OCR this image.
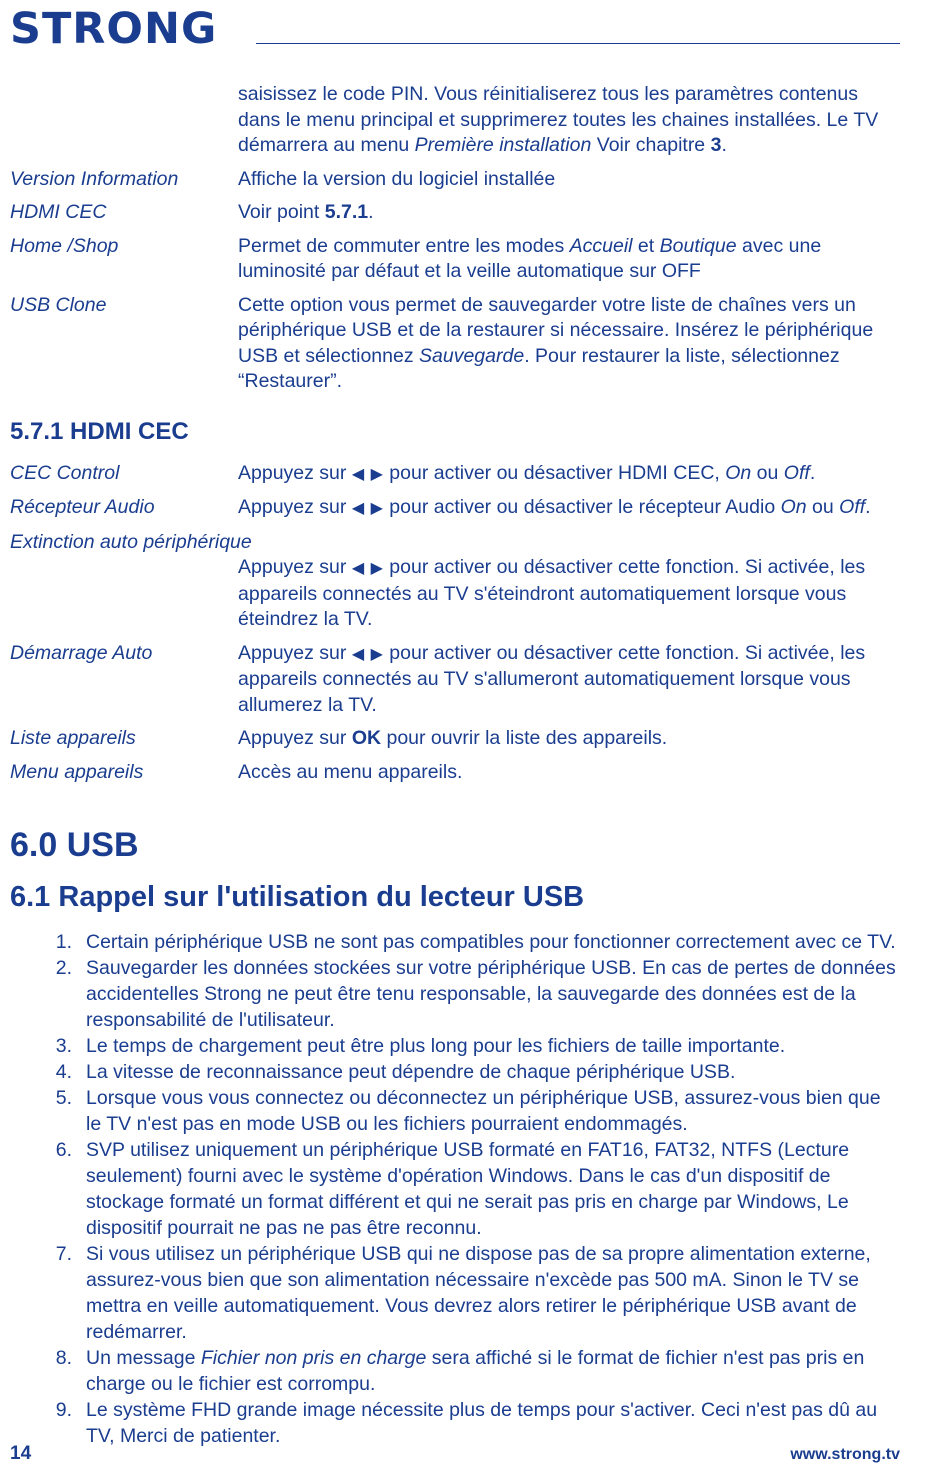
STRONG
saisissez le code PIN. Vous réinitialiserez tous les paramètres contenus dans le menu principal et supprimerez toutes les chaines installées. Le TV démarrera au menu Première installation Voir chapitre 3.
Version Information	Affiche la version du logiciel installée
HDMI CEC	Voir point 5.7.1.
Home /Shop	Permet de commuter entre les modes Accueil et Boutique avec une luminosité par défaut et la veille automatique sur OFF
USB Clone	Cette option vous permet de sauvegarder votre liste de chaînes vers un périphérique USB et de la restaurer si nécessaire. Insérez le périphérique USB et sélectionnez Sauvegarde. Pour restaurer la liste, sélectionnez “Restaurer”.
5.7.1 HDMI CEC
CEC Control	Appuyez sur ◀ ▶ pour activer ou désactiver HDMI CEC, On ou Off.
Récepteur Audio	Appuyez sur ◀ ▶ pour activer ou désactiver le récepteur Audio On ou Off.
Extinction auto périphérique
Appuyez sur ◀ ▶ pour activer ou désactiver cette fonction. Si activée, les appareils connectés au TV s'éteindront automatiquement lorsque vous éteindrez la TV.
Démarrage Auto	Appuyez sur ◀ ▶ pour activer ou désactiver cette fonction. Si activée, les appareils connectés au TV s'allumeront automatiquement lorsque vous allumerez la TV.
Liste appareils	Appuyez sur OK pour ouvrir la liste des appareils.
Menu appareils	Accès au menu appareils.
6.0 USB
6.1 Rappel sur l'utilisation du lecteur USB
1. Certain périphérique USB ne sont pas compatibles pour fonctionner correctement avec ce TV.
2. Sauvegarder les données stockées sur votre périphérique USB. En cas de pertes de données accidentelles Strong ne peut être tenu responsable, la sauvegarde des données est de la responsabilité de l'utilisateur.
3. Le temps de chargement peut être plus long pour les fichiers de taille importante.
4. La vitesse de reconnaissance peut dépendre de chaque périphérique USB.
5. Lorsque vous vous connectez ou déconnectez un périphérique USB, assurez-vous bien que le TV n'est pas en mode USB ou les fichiers pourraient endommagés.
6. SVP utilisez uniquement un périphérique USB formaté en FAT16, FAT32, NTFS (Lecture seulement) fourni avec le système d'opération Windows. Dans le cas d'un dispositif de stockage formaté un format différent et qui ne serait pas pris en charge par Windows, Le dispositif pourrait ne pas ne pas être reconnu.
7. Si vous utilisez un périphérique USB qui ne dispose pas de sa propre alimentation externe, assurez-vous bien que son alimentation nécessaire n'excède pas 500 mA. Sinon le TV se mettra en veille automatiquement. Vous devrez alors retirer le périphérique USB avant de redémarrer.
8. Un message Fichier non pris en charge sera affiché si le format de fichier n'est pas pris en charge ou le fichier est corrompu.
9. Le système FHD grande image nécessite plus de temps pour s'activer. Ceci n'est pas dû au TV, Merci de patienter.
14	www.strong.tv
